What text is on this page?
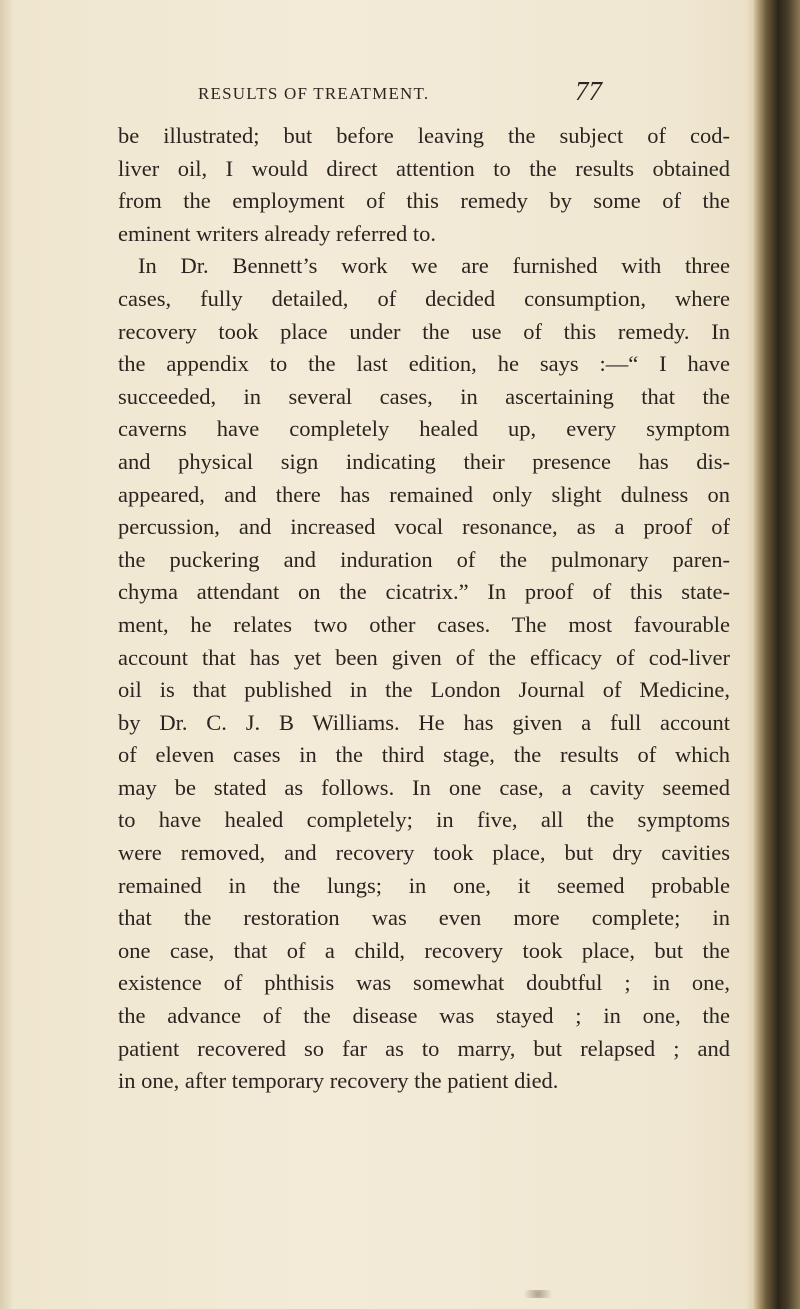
RESULTS OF TREATMENT.	77
be illustrated; but before leaving the subject of cod-
liver oil, I would direct attention to the results obtained
from the employment of this remedy by some of the
eminent writers already referred to.
In Dr. Bennett’s work we are furnished with three
cases, fully detailed, of decided consumption, where
recovery took place under the use of this remedy. In
the appendix to the last edition, he says :—“ I have
succeeded, in several cases, in ascertaining that the
caverns have completely healed up, every symptom
and physical sign indicating their presence has dis-
appeared, and there has remained only slight dulness on
percussion, and increased vocal resonance, as a proof of
the puckering and induration of the pulmonary paren-
chyma attendant on the cicatrix.” In proof of this state-
ment, he relates two other cases. The most favourable
account that has yet been given of the efficacy of cod-liver
oil is that published in the London Journal of Medicine,
by Dr. C. J. B Williams. He has given a full account
of eleven cases in the third stage, the results of which
may be stated as follows. In one case, a cavity seemed
to have healed completely; in five, all the symptoms
were removed, and recovery took place, but dry cavities
remained in the lungs; in one, it seemed probable
that the restoration was even more complete; in
one case, that of a child, recovery took place, but the
existence of phthisis was somewhat doubtful ; in one,
the advance of the disease was stayed ; in one, the
patient recovered so far as to marry, but relapsed ; and
in one, after temporary recovery the patient died.
